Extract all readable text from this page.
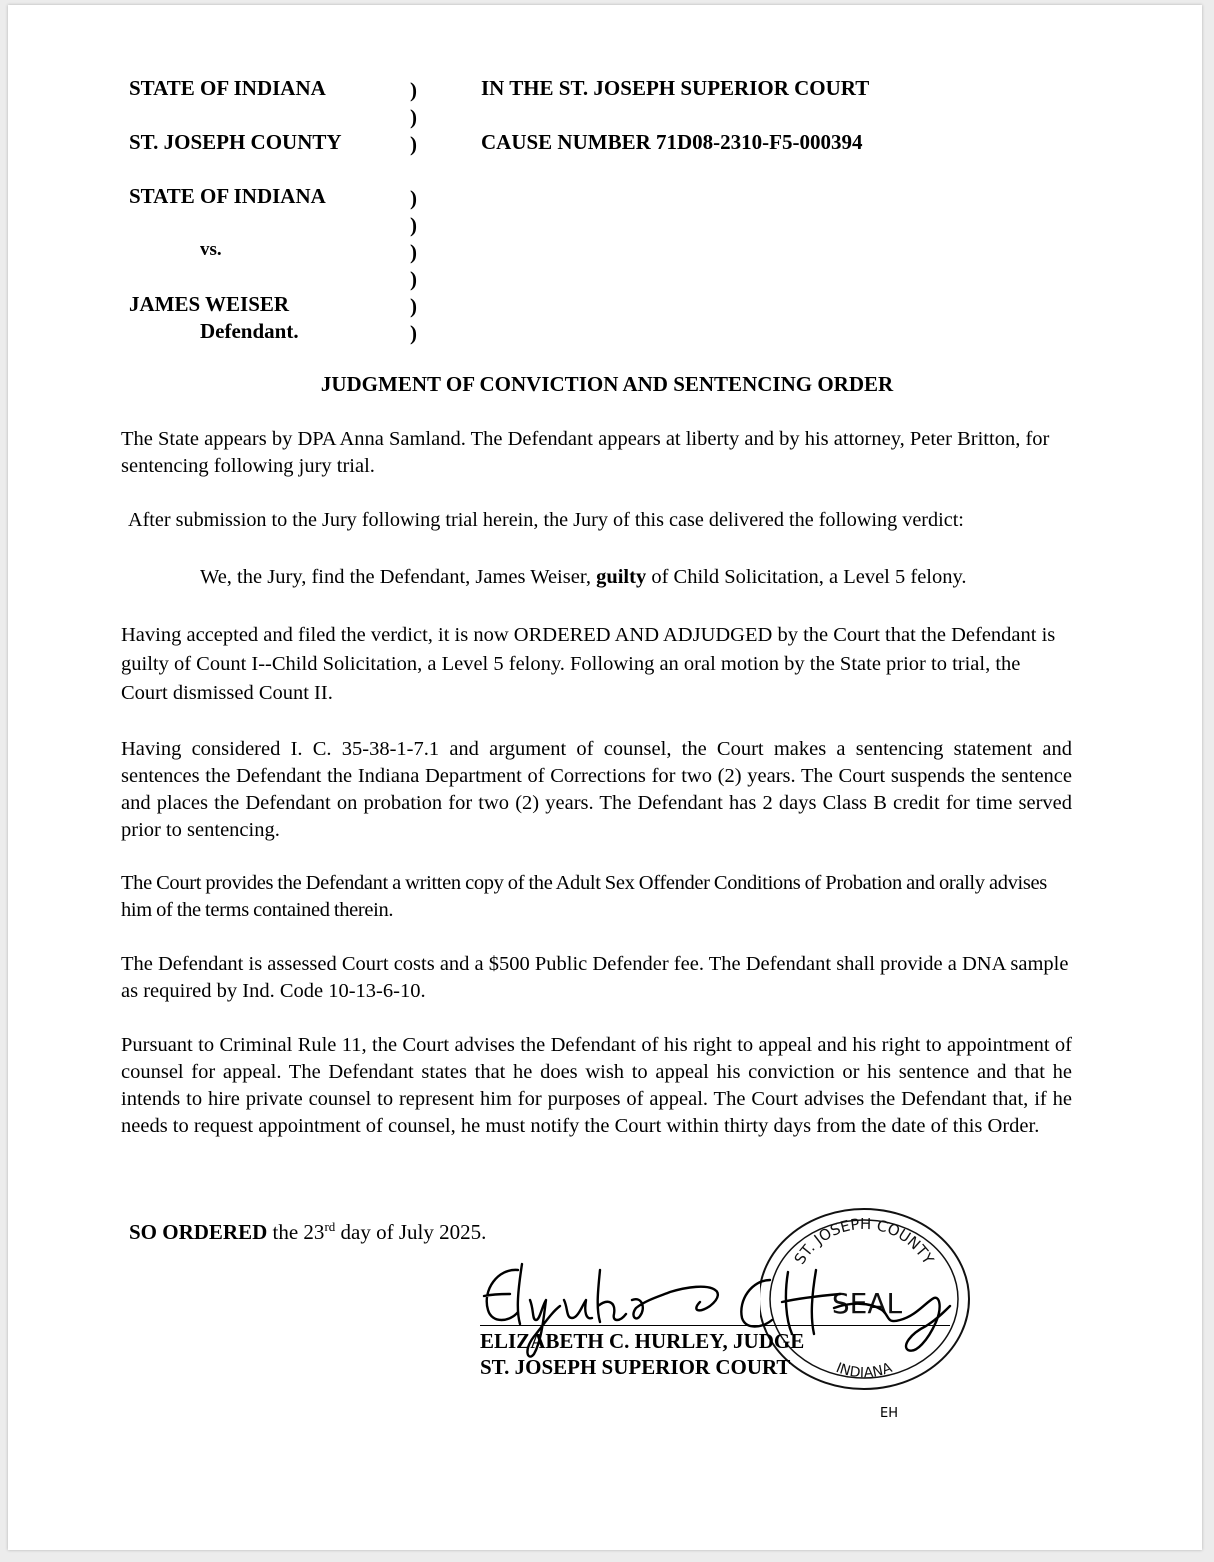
STATE OF INDIANA
ST. JOSEPH COUNTY
STATE OF INDIANA
vs.
JAMES WEISER
Defendant.
)
)
)
)
)
)
)
)
)
IN THE ST. JOSEPH SUPERIOR COURT
CAUSE NUMBER 71D08-2310-F5-000394
JUDGMENT OF CONVICTION AND SENTENCING ORDER
The State appears by DPA Anna Samland. The Defendant appears at liberty and by his attorney, Peter Britton, for sentencing following jury trial.
After submission to the Jury following trial herein, the Jury of this case delivered the following verdict:
We, the Jury, find the Defendant, James Weiser, guilty of Child Solicitation, a Level 5 felony.
Having accepted and filed the verdict, it is now ORDERED AND ADJUDGED by the Court that the Defendant is guilty of Count I--Child Solicitation, a Level 5 felony. Following an oral motion by the State prior to trial, the Court dismissed Count II.
Having considered I. C. 35-38-1-7.1 and argument of counsel, the Court makes a sentencing statement and sentences the Defendant the Indiana Department of Corrections for two (2) years. The Court suspends the sentence and places the Defendant on probation for two (2) years. The Defendant has 2 days Class B credit for time served prior to sentencing.
The Court provides the Defendant a written copy of the Adult Sex Offender Conditions of Probation and orally advises him of the terms contained therein.
The Defendant is assessed Court costs and a $500 Public Defender fee. The Defendant shall provide a DNA sample as required by Ind. Code 10-13-6-10.
Pursuant to Criminal Rule 11, the Court advises the Defendant of his right to appeal and his right to appointment of counsel for appeal. The Defendant states that he does wish to appeal his conviction or his sentence and that he intends to hire private counsel to represent him for purposes of appeal. The Court advises the Defendant that, if he needs to request appointment of counsel, he must notify the Court within thirty days from the date of this Order.
SO ORDERED the 23rd day of July 2025.
ST. JOSEPH COUNTY
INDIANA
SEAL
EH
ELIZABETH C. HURLEY, JUDGE
ST. JOSEPH SUPERIOR COURT
